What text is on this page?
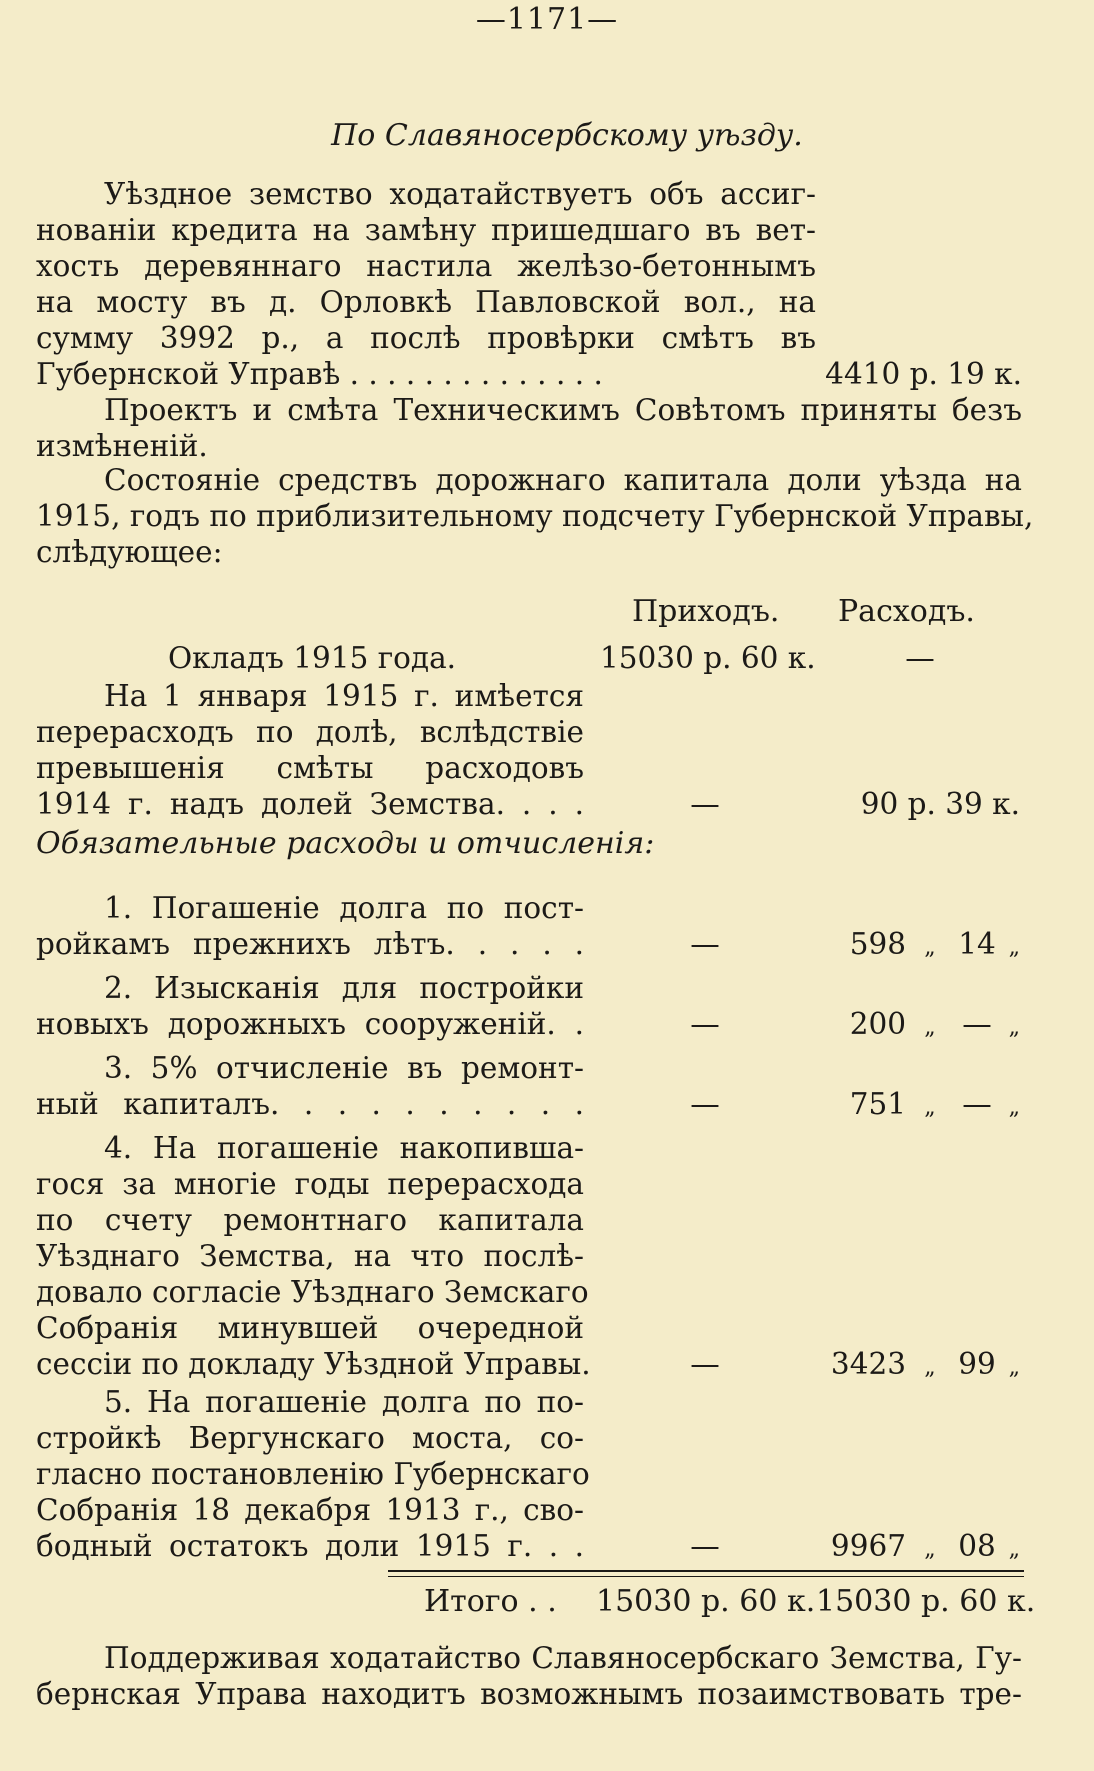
—1171—
По Славяносербскому уѣзду.
Уѣздное земство ходатайствуетъ объ ассиг-
нованіи кредита на замѣну пришедшаго въ вет-
хость деревяннаго настила желѣзо-бетоннымъ
на мосту въ д. Орловкѣ Павловской вол., на
сумму 3992 р., а послѣ провѣрки смѣтъ въ
Губернской Управѣ . . . . . . . . . . . . . .	4410 р. 19 к.
Проектъ и смѣта Техническимъ Совѣтомъ приняты безъ
измѣненій.
Состояніе средствъ дорожнаго капитала доли уѣзда на
1915, годъ по приблизительному подсчету Губернской Управы,
слѣдующее:
Приходъ. Расходъ.
Окладъ 1915 года.	15030 р. 60 к.	—
На 1 января 1915 г. имѣется
перерасходъ по долѣ, вслѣдствіе
превышенія смѣты расходовъ
1914 г. надъ долей Земства. . . .	—	90 р. 39 к.
Обязательные расходы и отчисленія:
1. Погашеніе долга по пост-
ройкамъ прежнихъ лѣтъ. . . . .	—	598 „ 14 „
2. Изысканія для постройки
новыхъ дорожныхъ сооруженій. .	—	200 „ — „
3. 5% отчисленіе въ ремонт-
ный капиталъ. . . . . . . . . .	—	751 „ — „
4. На погашеніе накопивша-
гося за многіе годы перерасхода
по счету ремонтнаго капитала
Уѣзднаго Земства, на что послѣ-
довало согласіе Уѣзднаго Земскаго
Собранія минувшей очередной
сессіи по докладу Уѣздной Управы.	—	3423 „ 99 „
5. На погашеніе долга по по-
стройкѣ Вергунскаго моста, со-
гласно постановленію Губернскаго
Собранія 18 декабря 1913 г., сво-
бодный остатокъ доли 1915 г. . .	—	9967 „ 08 „
Итого . . 15030 р. 60 к. 15030 р. 60 к.
Поддерживая ходатайство Славяносербскаго Земства, Гу-
бернская Управа находитъ возможнымъ позаимствовать тре-
